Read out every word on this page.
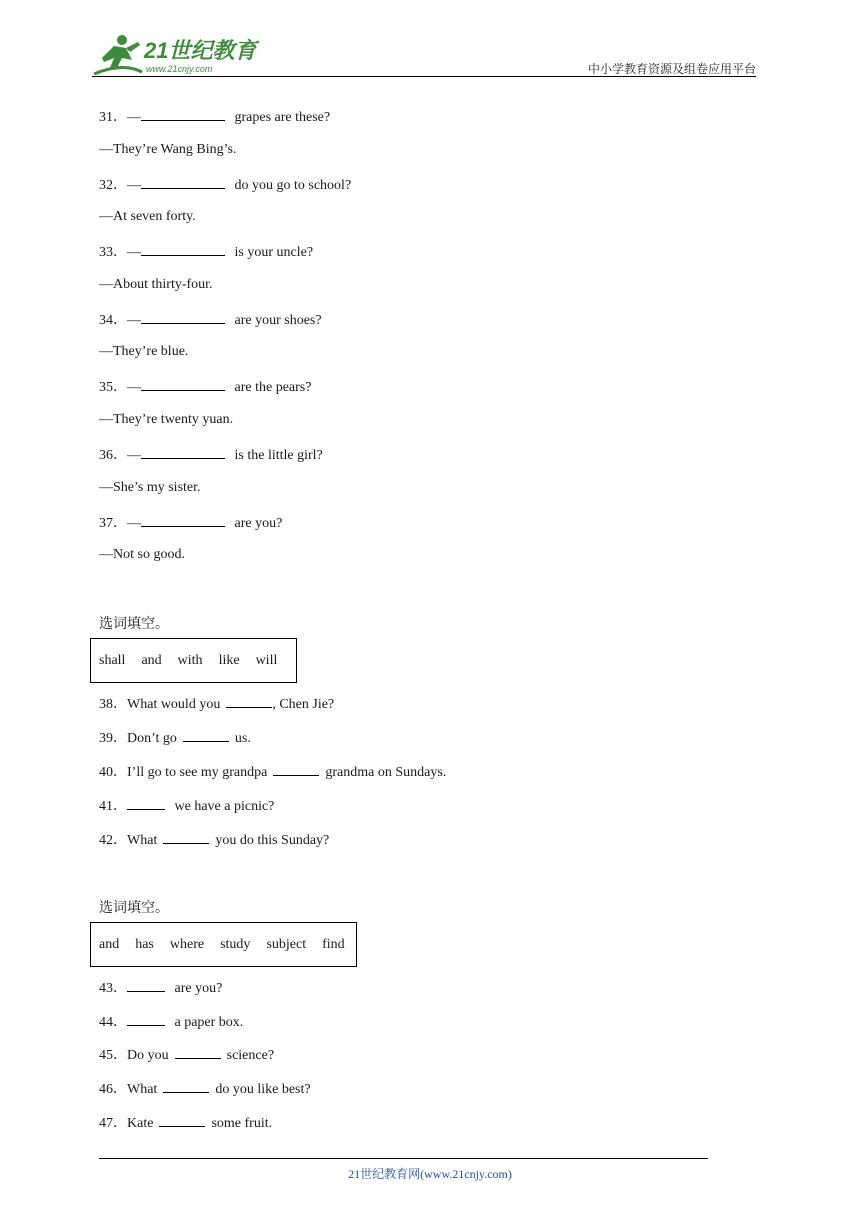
21世纪教育
www.21cnjy.com	中小学教育资源及组卷应用平台
31．—	grapes are these?
—They’re Wang Bing’s.
32．—	do you go to school?
—At seven forty.
33．—	is your uncle?
—About thirty-four.
34．—	are your shoes?
—They’re blue.
35．—	are the pears?
—They’re twenty yuan.
36．—	is the little girl?
—She’s my sister.
37．—	are you?
—Not so good.
选词填空。
shall and with like will
38．What would you	, Chen Jie?
39．Don’t go	us.
40．I’ll go to see my grandpa	grandma on Sundays.
41．	we have a picnic?
42．What	you do this Sunday?
选词填空。
and has where study subject find
43．	are you?
44．	a paper box.
45．Do you	science?
46．What	do you like best?
47．Kate	some fruit.
21世纪教育网(www.21cnjy.com)
